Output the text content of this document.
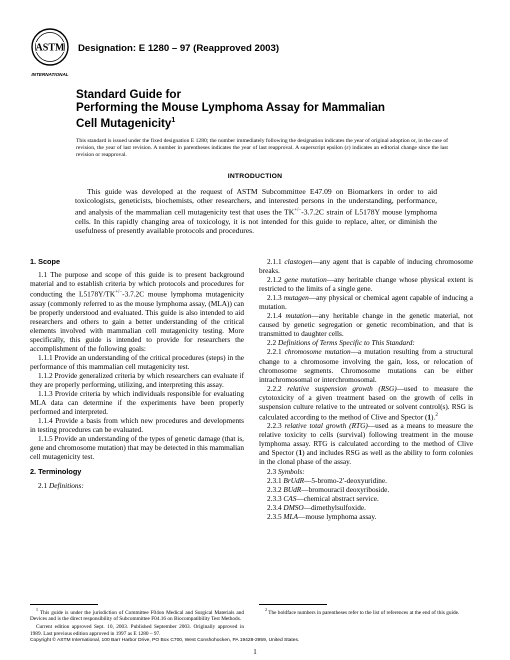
ASTM
INTERNATIONAL
Designation: E 1280 – 97 (Reapproved 2003)
Standard Guide for
Performing the Mouse Lymphoma Assay for Mammalian
Cell Mutagenicity$^1$
This standard is issued under the fixed designation E 1280; the number immediately following the designation indicates the year of original adoption or, in the case of revision, the year of last revision. A number in parentheses indicates the year of last reapproval. A superscript epsilon (ε) indicates an editorial change since the last revision or reapproval.
INTRODUCTION
This guide was developed at the request of ASTM Subcommittee E47.09 on Biomarkers in order to aid toxicologists, geneticists, biochemists, other researchers, and interested persons in the understanding, performance, and analysis of the mammalian cell mutagenicity test that uses the TK+/−-3.7.2C strain of L5178Y mouse lymphoma cells. In this rapidly changing area of toxicology, it is not intended for this guide to replace, alter, or diminish the usefulness of presently available protocols and procedures.

1. Scope

1.1 The purpose and scope of this guide is to present background material and to establish criteria by which protocols and procedures for conducting the L5178Y/TK+/−-3.7.2C mouse lymphoma mutagenicity assay (commonly referred to as the mouse lymphoma assay, (MLA)) can be properly understood and evaluated. This guide is also intended to aid researchers and others to gain a better understanding of the critical elements involved with mammalian cell mutagenicity testing. More specifically, this guide is intended to provide for researchers the accomplishment of the following goals:

1.1.1 Provide an understanding of the critical procedures (steps) in the performance of this mammalian cell mutagenicity test.

1.1.2 Provide generalized criteria by which researchers can evaluate if they are properly performing, utilizing, and interpreting this assay.

1.1.3 Provide criteria by which individuals responsible for evaluating MLA data can determine if the experiments have been properly performed and interpreted.

1.1.4 Provide a basis from which new procedures and developments in testing procedures can be evaluated.

1.1.5 Provide an understanding of the types of genetic damage (that is, gene and chromosome mutation) that may be detected in this mammalian cell mutagenicity test.

2. Terminology

2.1 Definitions:

2.1.1 clastogen—any agent that is capable of inducing chromosome breaks.

2.1.2 gene mutation—any heritable change whose physical extent is restricted to the limits of a single gene.

2.1.3 mutagen—any physical or chemical agent capable of inducing a mutation.

2.1.4 mutation—any heritable change in the genetic material, not caused by genetic segregation or genetic recombination, and that is transmitted to daughter cells.

2.2 Definitions of Terms Specific to This Standard:

2.2.1 chromosome mutation—a mutation resulting from a structural change to a chromosome involving the gain, loss, or relocation of chromosome segments. Chromosome mutations can be either intrachromosomal or interchromosomal.

2.2.2 relative suspension growth (RSG)—used to measure the cytotoxicity of a given treatment based on the growth of cells in suspension culture relative to the untreated or solvent control(s). RSG is calculated according to the method of Clive and Spector (1).$^2$

2.2.3 relative total growth (RTG)—used as a means to measure the relative toxicity to cells (survival) following treatment in the mouse lymphoma assay. RTG is calculated according to the method of Clive and Spector (1) and includes RSG as well as the ability to form colonies in the clonal phase of the assay.

2.3 Symbols:

2.3.1 BrUdR—5-bromo-2′-deoxyuridine.

2.3.2 BUdR—bromouracil deoxyriboside.

2.3.3 CAS—chemical abstract service.

2.3.4 DMSO—dimethylsulfoxide.

2.3.5 MLA—mouse lymphoma assay.

$^1$ This guide is under the jurisdiction of Committee F04on Medical and Surgical Materials and Devices and is the direct responsibility of Subcommittee F04.16 on Biocompatibility Test Methods.

Current edition approved Sept. 10, 2003. Published September 2003. Originally approved in 1989. Last previous edition approved in 1997 as E 1280 – 97.

$^2$ The boldface numbers in parentheses refer to the list of references at the end of this guide.

Copyright © ASTM International, 100 Barr Harbor Drive, PO Box C700, West Conshohocken, PA 19428-2959, United States.
1
